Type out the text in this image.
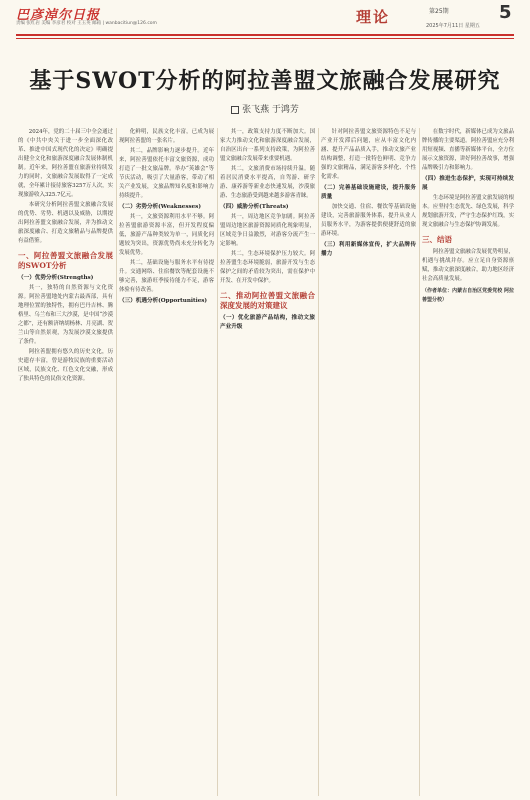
巴彦淖尔日报
责编 张红岩 美编 李彦君 校对 王玉英 邮箱 | wanbacitiun@126.com	理论	第25期	5
2025年7月11日 星期五
基于SWOT分析的阿拉善盟文旅融合发展研究
张飞燕 于鸿芳

2024年，党的二十届三中全会通过的《中共中央关于进一步全面深化改革、推进中国式现代化的决定》明确提出健全文化和旅游深度融合发展体制机制。近年来，阿拉善盟在旅游业持续发力的同时，文旅融合发展取得了一定成就，全年累计接待旅客3257万人次，实现旅游收入325.7亿元。

本研究分析阿拉善盟文旅融合发展的优势、劣势、机遇以及威胁，以期提出阿拉善盟文旅融合发展，并为推动文旅深度融合、打造文旅精品与品牌提供有益借鉴。

一、阿拉善盟文旅融合发展的SWOT分析
（一）优势分析(Strengths)

其一，独特的自然资源与文化资源。阿拉善盟地处内蒙古最西部，具有地理位置的独特性，拥有巴丹吉林、腾格里、乌兰布和三大沙漠，是中国“沙漠之都”，还有额济纳胡杨林、月亮湖、贺兰山等自然景观，为发展沙漠文旅提供了条件。

阿拉善盟拥有悠久的历史文化，历史遗存丰富，曾是游牧民族的重要活动区域，民族文化、红色文化交融，形成了独具特色的民俗文化资源。

化鲜明，民族文化丰富，已成为展现阿拉善盟的一张名片。

其二，品牌影响力逐步提升。近年来，阿拉善盟依托丰富文旅资源，成功打造了一批文旅品牌。举办“英雄会”等节庆活动，吸引了大量游客，带动了相关产业发展，文旅品牌知名度和影响力持续提升。

（二）劣势分析(Weaknesses)

其一，文旅资源利用水平不够。阿拉善盟旅游资源丰富，但开发程度偏低，旅游产品种类较为单一，同质化问题较为突出，资源优势尚未充分转化为发展优势。

其二，基础设施与服务水平有待提升。交通网络、住宿餐饮等配套设施不够完善，旅游旺季接待能力不足，游客体验有待改善。

（三）机遇分析(Opportunities)

其一，政策支持力度不断加大。国家大力推动文化和旅游深度融合发展，自治区出台一系列支持政策，为阿拉善盟文旅融合发展带来重要机遇。

其二，文旅消费市场持续升温。随着居民消费水平提高，自驾游、研学游、康养游等新业态快速发展，沙漠旅游、生态旅游受到越来越多游客青睐。

（四）威胁分析(Threats)

其一，周边地区竞争加剧。阿拉善盟周边地区旅游资源同质化现象明显，区域竞争日益激烈，对游客分流产生一定影响。

其二，生态环境保护压力较大。阿拉善盟生态环境脆弱，旅游开发与生态保护之间的矛盾较为突出，需在保护中开发、在开发中保护。

二、推动阿拉善盟文旅融合深度发展的对策建议
（一）优化旅游产品结构，推动文旅产业升级

针对阿拉善盟文旅资源特色不足与产业开发滞后问题，应从丰富文化内涵、提升产品品质入手，推动文旅产业结构调整，打造一批特色鲜明、竞争力强的文旅精品，满足游客多样化、个性化需求。

（二）完善基础设施建设，提升服务质量

加快交通、住宿、餐饮等基础设施建设，完善旅游服务体系，提升从业人员服务水平，为游客提供便捷舒适的旅游环境。

（三）利用新媒体宣传，扩大品牌传播力

在数字时代，新媒体已成为文旅品牌传播的主要渠道。阿拉善盟应充分利用短视频、直播等新媒体平台，全方位展示文旅资源，讲好阿拉善故事，增强品牌吸引力和影响力。

（四）推进生态保护，实现可持续发展

生态环境是阿拉善盟文旅发展的根本。应坚持生态优先、绿色发展，科学规划旅游开发，严守生态保护红线，实现文旅融合与生态保护协调发展。

三、结语

阿拉善盟文旅融合发展优势明显，机遇与挑战并存。应立足自身资源禀赋，推动文旅深度融合，助力地区经济社会高质量发展。

（作者单位：内蒙古自治区党委党校 阿拉善盟分校）
